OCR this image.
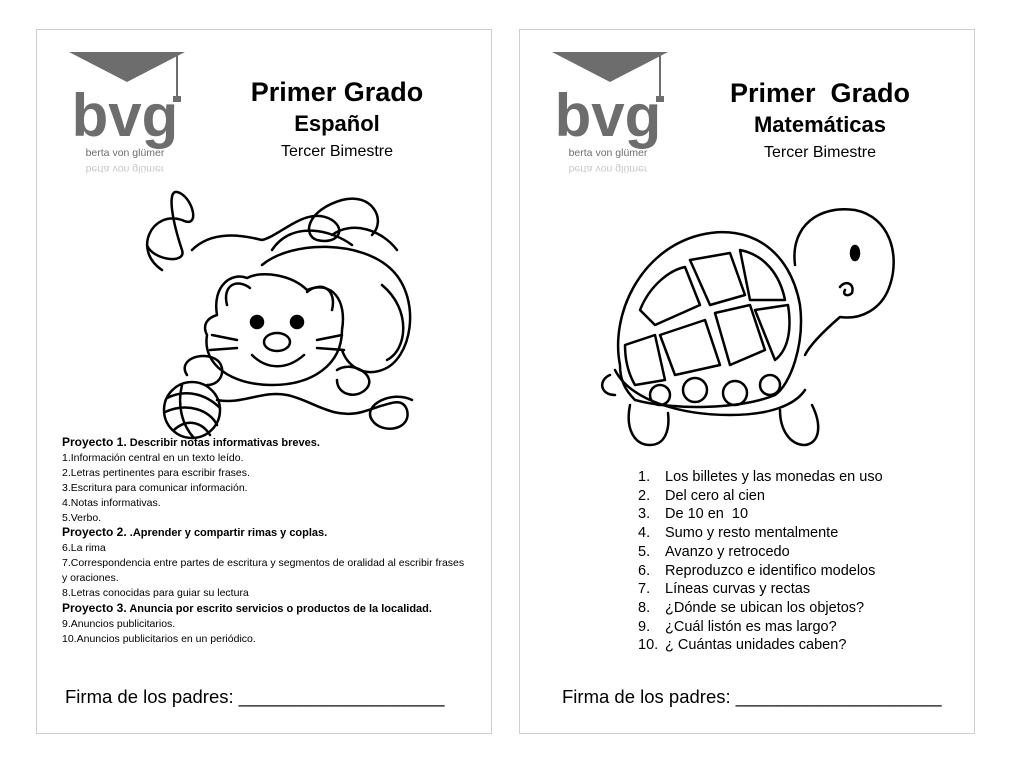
bvg
berta von glümer
berta von glümer
Primer Grado
Español
Tercer Bimestre
Proyecto 1. Describir notas informativas breves.
1.Información central en un texto leído.
2.Letras pertinentes para escribir frases.
3.Escritura para comunicar información.
4.Notas informativas.
5.Verbo.
Proyecto 2. .Aprender y compartir rimas y coplas.
6.La rima
7.Correspondencia entre partes de escritura y segmentos de oralidad al escribir frases y oraciones.
8.Letras conocidas para guiar su lectura
Proyecto 3. Anuncia por escrito servicios o productos de la localidad.
9.Anuncios publicitarios.
10.Anuncios publicitarios en un periódico.
Firma de los padres: ____________________
bvg
berta von glümer
berta von glümer
Primer  Grado
Matemáticas
Tercer Bimestre
1.	Los billetes y las monedas en uso
2.	Del cero al cien
3.	De 10 en  10
4.	Sumo y resto mentalmente
5.	Avanzo y retrocedo
6.	Reproduzco e identifico modelos
7.	Líneas curvas y rectas
8.	¿Dónde se ubican los objetos?
9.	¿Cuál listón es mas largo?
10. ¿ Cuántas unidades caben?
Firma de los padres: ____________________
